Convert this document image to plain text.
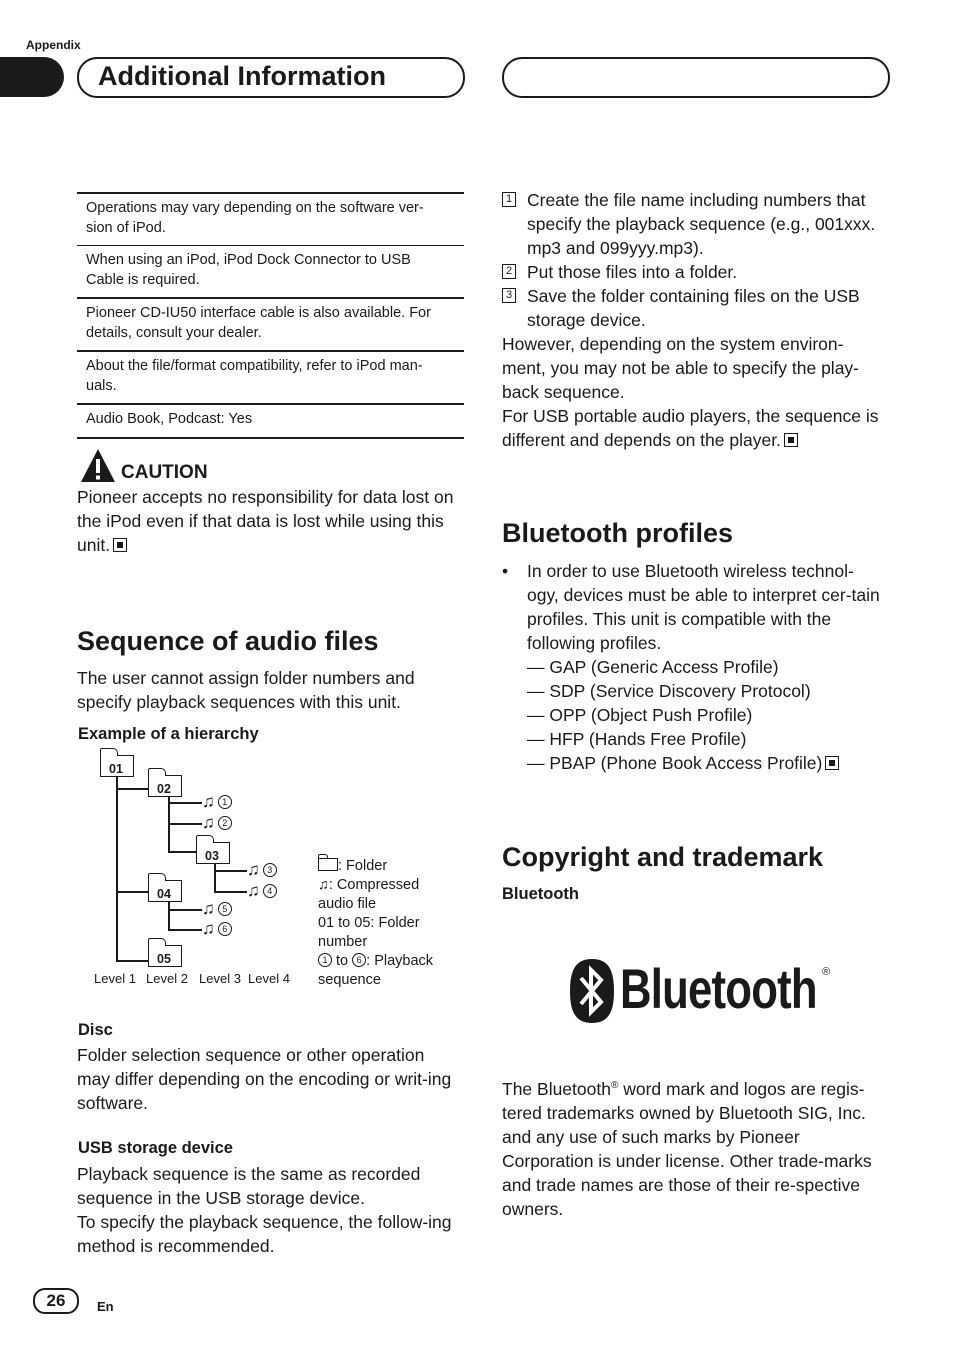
Appendix
Additional Information
Operations may vary depending on the software ver-sion of iPod.
When using an iPod, iPod Dock Connector to USB Cable is required.
Pioneer CD-IU50 interface cable is also available. For details, consult your dealer.
About the file/format compatibility, refer to iPod man-uals.
Audio Book, Podcast: Yes
CAUTION
Pioneer accepts no responsibility for data lost on the iPod even if that data is lost while using this unit.
Sequence of audio files
The user cannot assign folder numbers and specify playback sequences with this unit.
Example of a hierarchy
01
02
03
04
05
♫ 1
♫ 2
♫ 3
♫ 4
♫ 5
♫ 6
Level 1 Level 2 Level 3 Level 4
: Folder
♫: Compressed audio file
01 to 05: Folder number
1 to 6 : Playback sequence
Disc
Folder selection sequence or other operation may differ depending on the encoding or writ-ing software.
USB storage device
Playback sequence is the same as recorded sequence in the USB storage device.
To specify the playback sequence, the follow-ing method is recommended.
1 Create the file name including numbers that specify the playback sequence (e.g., 001xxx. mp3 and 099yyy.mp3).
2 Put those files into a folder.
3 Save the folder containing files on the USB storage device.
However, depending on the system environ-ment, you may not be able to specify the play-back sequence.
For USB portable audio players, the sequence is different and depends on the player.
Bluetooth profiles
• In order to use Bluetooth wireless technol-ogy, devices must be able to interpret cer-tain profiles. This unit is compatible with the following profiles.
— GAP (Generic Access Profile)
— SDP (Service Discovery Protocol)
— OPP (Object Push Profile)
— HFP (Hands Free Profile)
— PBAP (Phone Book Access Profile)
Copyright and trademark
Bluetooth
Bluetooth ®
The Bluetooth® word mark and logos are regis-tered trademarks owned by Bluetooth SIG, Inc. and any use of such marks by Pioneer Corporation is under license. Other trade-marks and trade names are those of their re-spective owners.
26	En
